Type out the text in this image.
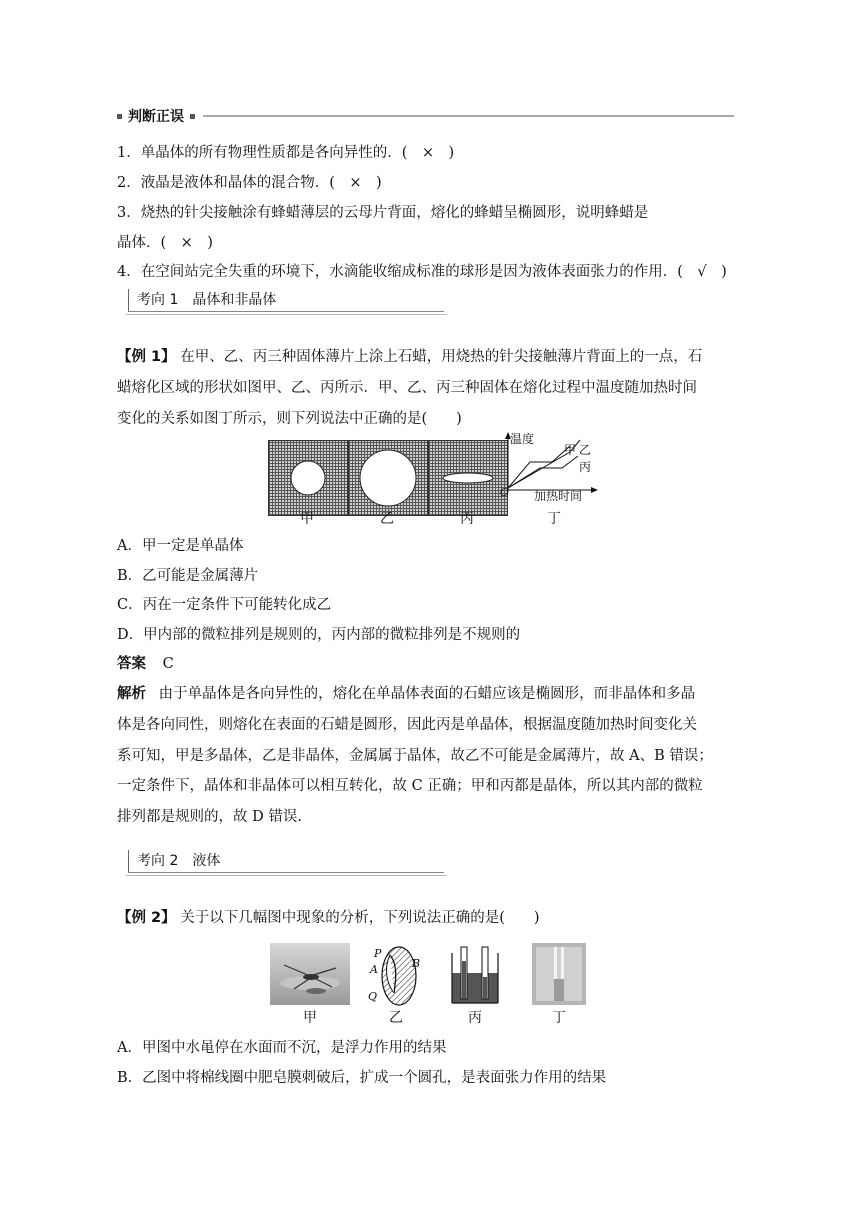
判断正误
1．单晶体的所有物理性质都是各向异性的．(　×　)
2．液晶是液体和晶体的混合物．(　×　)
3．烧热的针尖接触涂有蜂蜡薄层的云母片背面，熔化的蜂蜡呈椭圆形，说明蜂蜡是
晶体．(　×　)
4．在空间站完全失重的环境下，水滴能收缩成标准的球形是因为液体表面张力的作用．(　√　)
考向 1　晶体和非晶体
【例 1】 在甲、乙、丙三种固体薄片上涂上石蜡，用烧热的针尖接触薄片背面上的一点，石
蜡熔化区域的形状如图甲、乙、丙所示．甲、乙、丙三种固体在熔化过程中温度随加热时间
变化的关系如图丁所示，则下列说法中正确的是(　　)
温度
加热时间
O
甲 乙
丙
甲	乙	丙	丁
A．甲一定是单晶体
B．乙可能是金属薄片
C．丙在一定条件下可能转化成乙
D．甲内部的微粒排列是规则的，丙内部的微粒排列是不规则的
答案 C
解析 由于单晶体是各向异性的，熔化在单晶体表面的石蜡应该是椭圆形，而非晶体和多晶
体是各向同性，则熔化在表面的石蜡是圆形，因此丙是单晶体，根据温度随加热时间变化关
系可知，甲是多晶体，乙是非晶体，金属属于晶体，故乙不可能是金属薄片，故 A、B 错误；
一定条件下，晶体和非晶体可以相互转化，故 C 正确；甲和丙都是晶体，所以其内部的微粒
排列都是规则的，故 D 错误.
考向 2　液体
【例 2】 关于以下几幅图中现象的分析，下列说法正确的是(　　)
P
A	B
Q
甲	乙	丙	丁
A．甲图中水黾停在水面而不沉，是浮力作用的结果
B．乙图中将棉线圈中肥皂膜刺破后，扩成一个圆孔，是表面张力作用的结果
